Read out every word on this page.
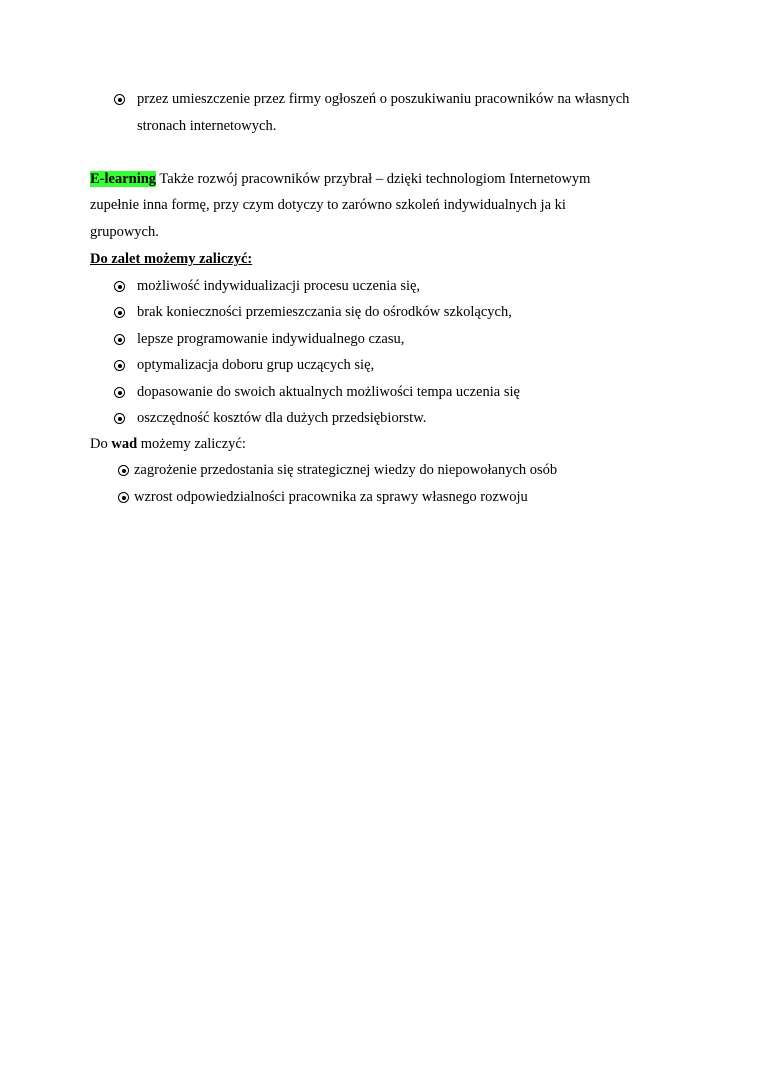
przez umieszczenie przez firmy ogłoszeń o poszukiwaniu pracowników na własnych
stronach internetowych.
E-learning Także rozwój pracowników przybrał – dzięki technologiom Internetowym
zupełnie inna formę, przy czym dotyczy to zarówno szkoleń indywidualnych ja ki
grupowych.
Do zalet możemy zaliczyć:
możliwość indywidualizacji procesu uczenia się,
brak konieczności przemieszczania się do ośrodków szkolących,
lepsze programowanie indywidualnego czasu,
optymalizacja doboru grup uczących się,
dopasowanie do swoich aktualnych możliwości tempa uczenia się
oszczędność kosztów dla dużych przedsiębiorstw.
Do wad możemy zaliczyć:
zagrożenie przedostania się strategicznej wiedzy do niepowołanych osób
wzrost odpowiedzialności pracownika za sprawy własnego rozwoju
